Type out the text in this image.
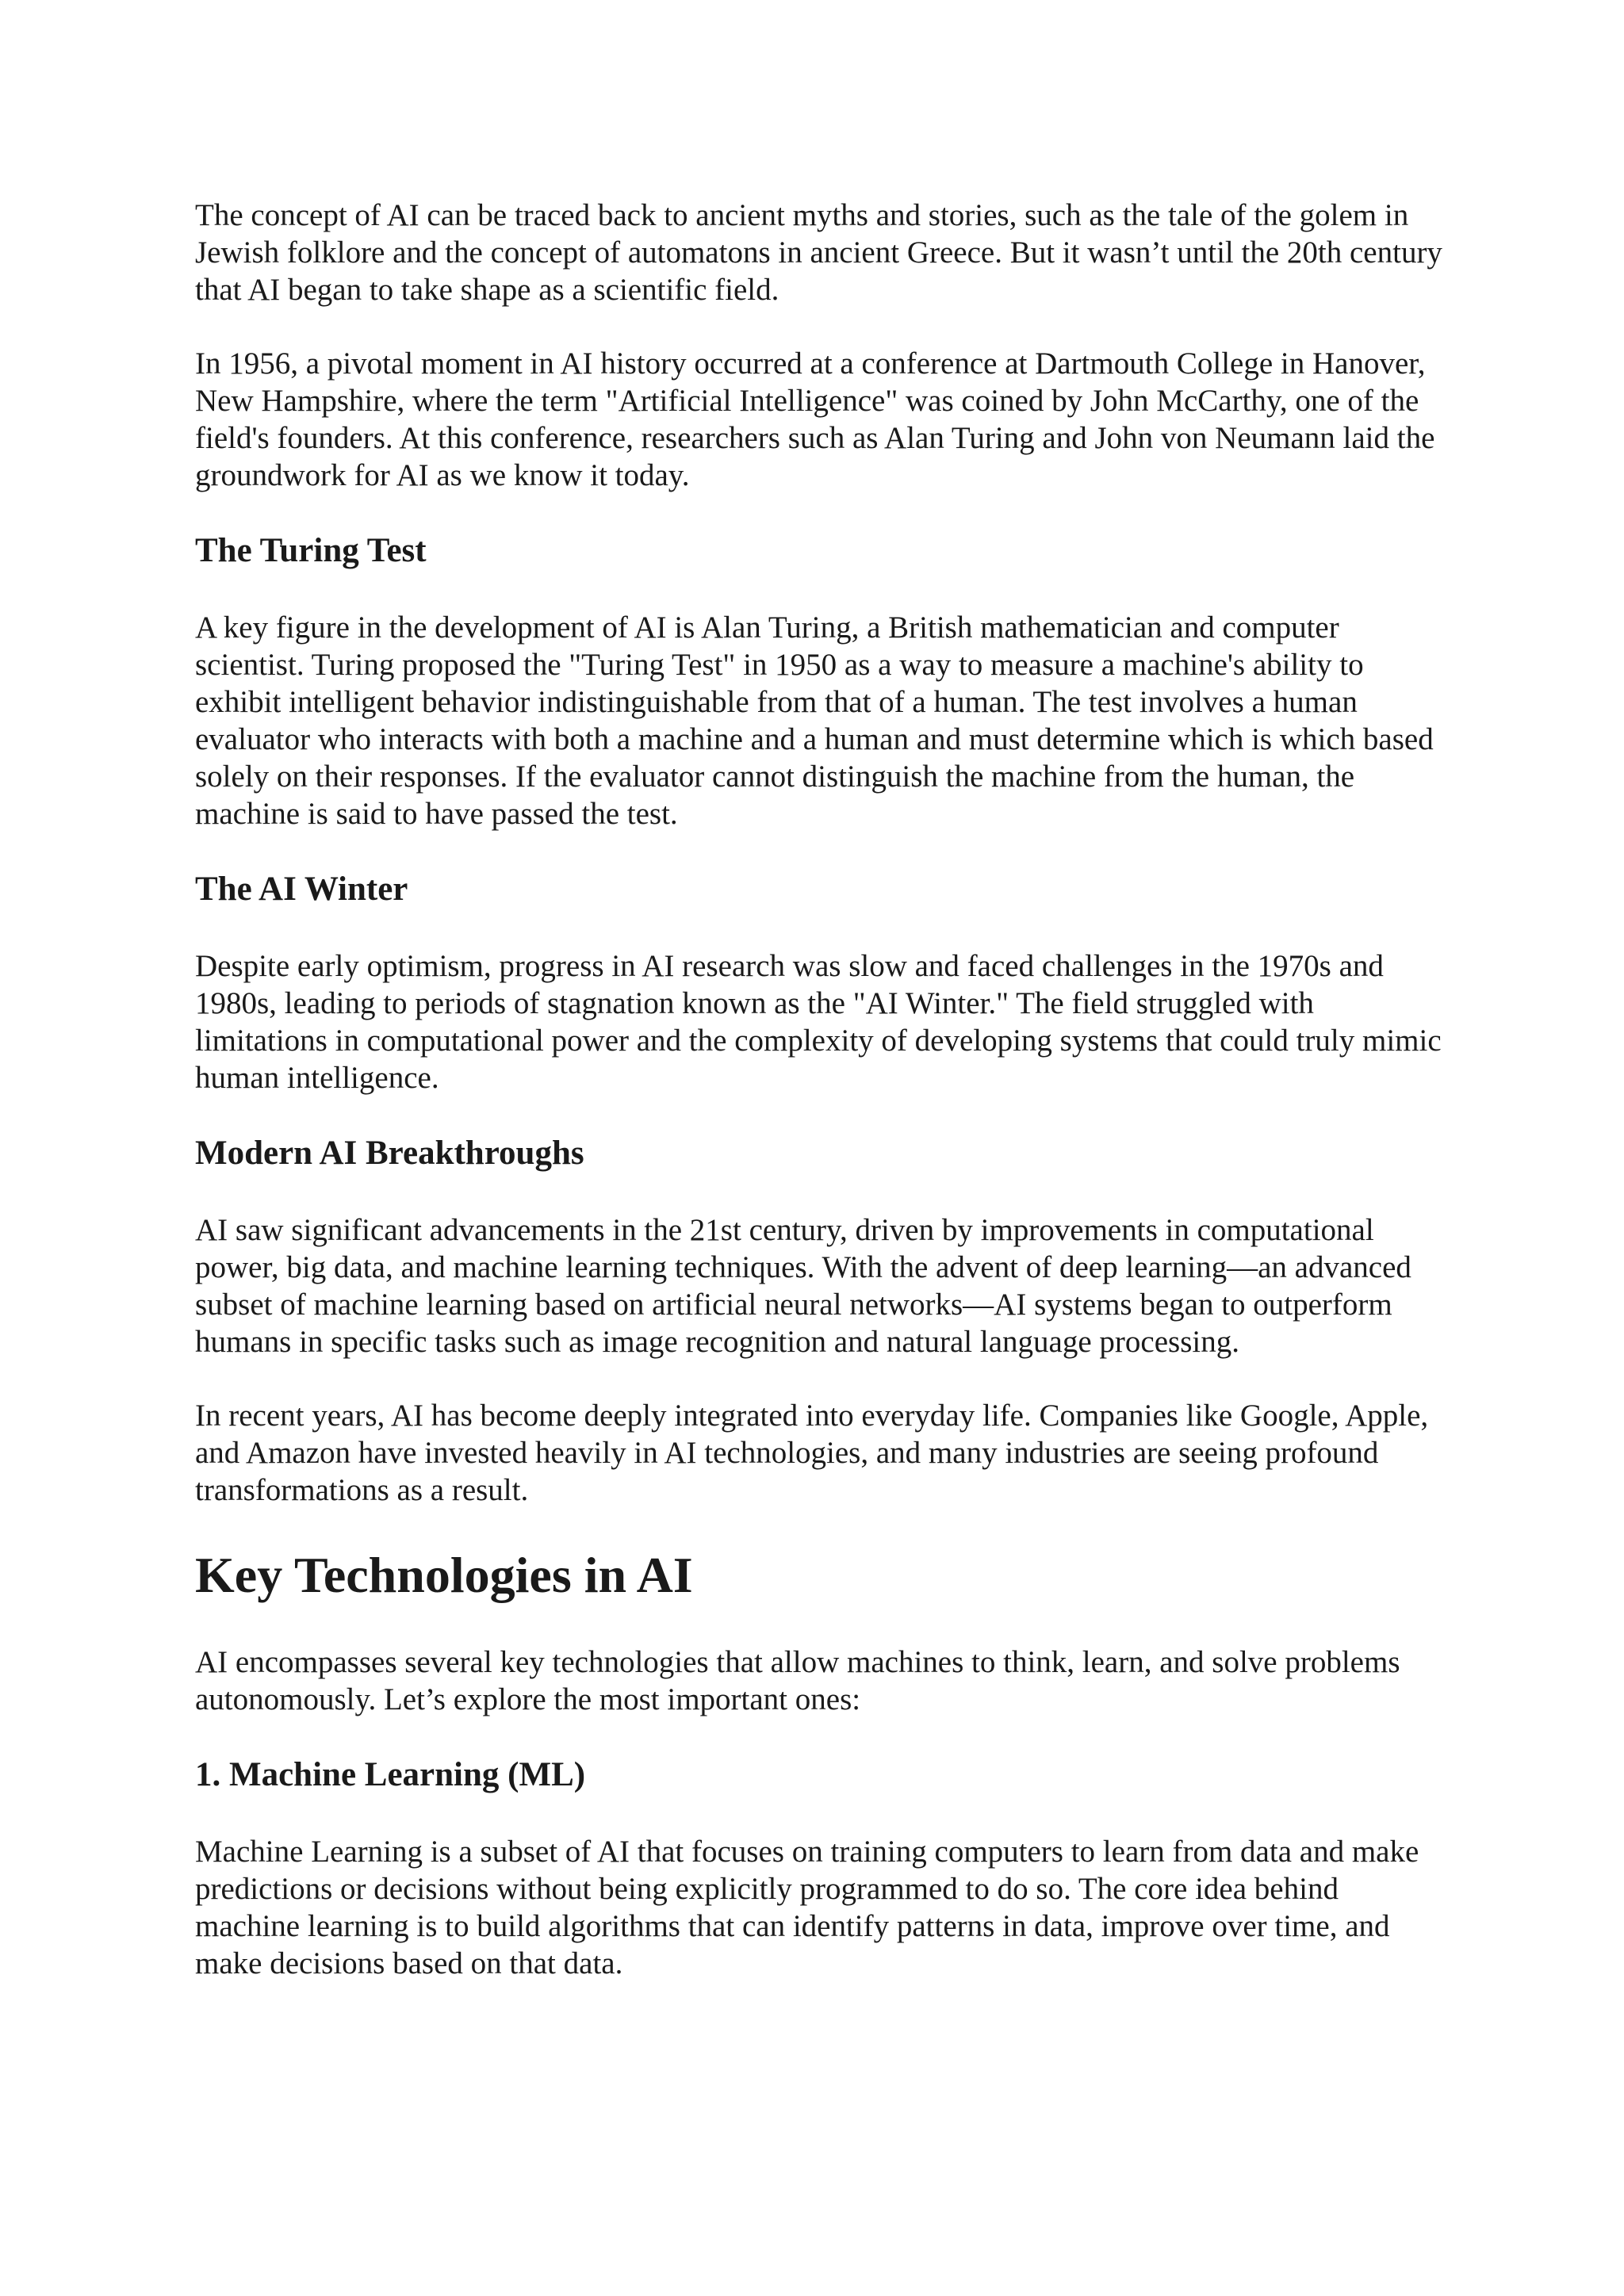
The concept of AI can be traced back to ancient myths and stories, such as the tale of the golem in Jewish folklore and the concept of automatons in ancient Greece. But it wasn’t until the 20th century that AI began to take shape as a scientific field.

In 1956, a pivotal moment in AI history occurred at a conference at Dartmouth College in Hanover, New Hampshire, where the term "Artificial Intelligence" was coined by John McCarthy, one of the field's founders. At this conference, researchers such as Alan Turing and John von Neumann laid the groundwork for AI as we know it today.

The Turing Test

A key figure in the development of AI is Alan Turing, a British mathematician and computer scientist. Turing proposed the "Turing Test" in 1950 as a way to measure a machine's ability to exhibit intelligent behavior indistinguishable from that of a human. The test involves a human evaluator who interacts with both a machine and a human and must determine which is which based solely on their responses. If the evaluator cannot distinguish the machine from the human, the machine is said to have passed the test.

The AI Winter

Despite early optimism, progress in AI research was slow and faced challenges in the 1970s and 1980s, leading to periods of stagnation known as the "AI Winter." The field struggled with limitations in computational power and the complexity of developing systems that could truly mimic human intelligence.

Modern AI Breakthroughs

AI saw significant advancements in the 21st century, driven by improvements in computational power, big data, and machine learning techniques. With the advent of deep learning—an advanced subset of machine learning based on artificial neural networks—AI systems began to outperform humans in specific tasks such as image recognition and natural language processing.

In recent years, AI has become deeply integrated into everyday life. Companies like Google, Apple, and Amazon have invested heavily in AI technologies, and many industries are seeing profound transformations as a result.

Key Technologies in AI

AI encompasses several key technologies that allow machines to think, learn, and solve problems autonomously. Let’s explore the most important ones:

1. Machine Learning (ML)

Machine Learning is a subset of AI that focuses on training computers to learn from data and make predictions or decisions without being explicitly programmed to do so. The core idea behind machine learning is to build algorithms that can identify patterns in data, improve over time, and make decisions based on that data.
